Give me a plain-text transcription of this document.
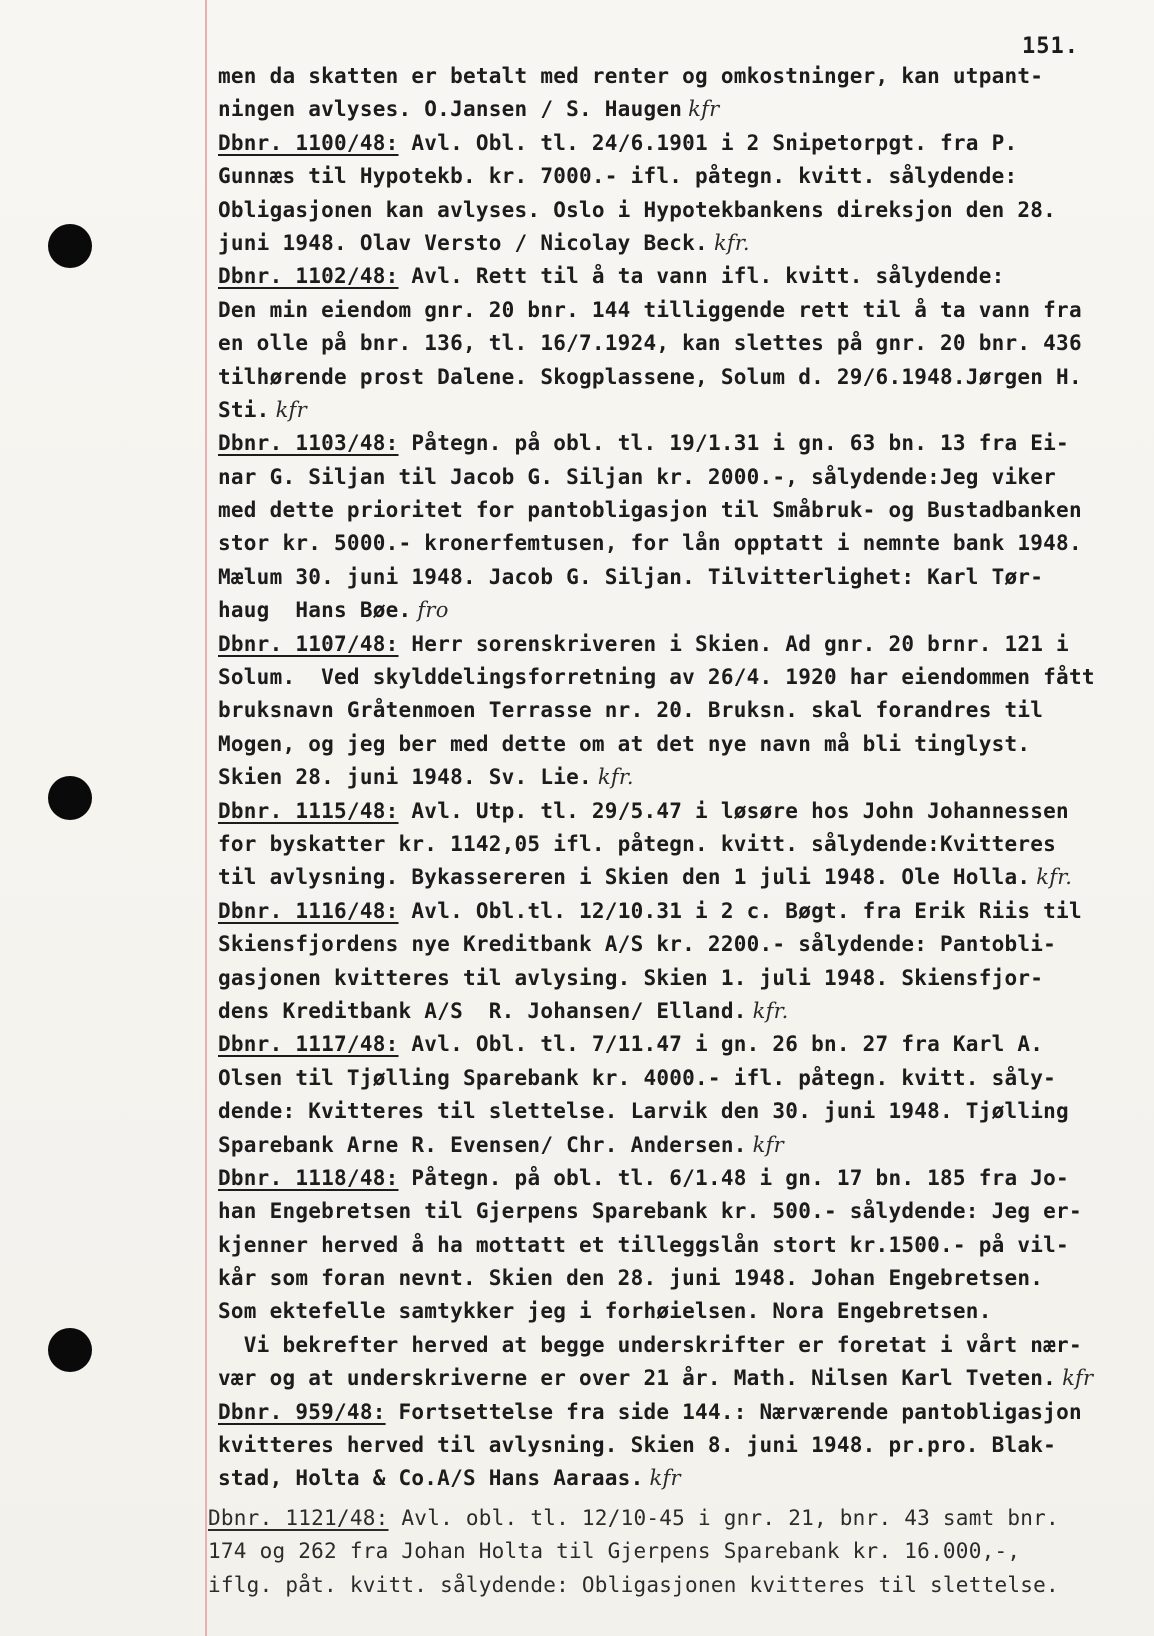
151.
men da skatten er betalt med renter og omkostninger, kan utpant-
ningen avlyses. O.Jansen / S. Haugen kfr
Dbnr. 1100/48: Avl. Obl. tl. 24/6.1901 i 2 Snipetorpgt. fra P.
Gunnæs til Hypotekb. kr. 7000.- ifl. påtegn. kvitt. sålydende:
Obligasjonen kan avlyses. Oslo i Hypotekbankens direksjon den 28.
juni 1948. Olav Versto / Nicolay Beck. kfr.
Dbnr. 1102/48: Avl. Rett til å ta vann ifl. kvitt. sålydende:
Den min eiendom gnr. 20 bnr. 144 tilliggende rett til å ta vann fra
en olle på bnr. 136, tl. 16/7.1924, kan slettes på gnr. 20 bnr. 436
tilhørende prost Dalene. Skogplassene, Solum d. 29/6.1948.Jørgen H.
Sti. kfr
Dbnr. 1103/48: Påtegn. på obl. tl. 19/1.31 i gn. 63 bn. 13 fra Ei-
nar G. Siljan til Jacob G. Siljan kr. 2000.-, sålydende:Jeg viker
med dette prioritet for pantobligasjon til Småbruk- og Bustadbanken
stor kr. 5000.- kronerfemtusen, for lån opptatt i nemnte bank 1948.
Mælum 30. juni 1948. Jacob G. Siljan. Tilvitterlighet: Karl Tør-
haug  Hans Bøe. fro
Dbnr. 1107/48: Herr sorenskriveren i Skien. Ad gnr. 20 brnr. 121 i
Solum.  Ved skylddelingsforretning av 26/4. 1920 har eiendommen fått
bruksnavn Gråtenmoen Terrasse nr. 20. Bruksn. skal forandres til
Mogen, og jeg ber med dette om at det nye navn må bli tinglyst.
Skien 28. juni 1948. Sv. Lie. kfr.
Dbnr. 1115/48: Avl. Utp. tl. 29/5.47 i løsøre hos John Johannessen
for byskatter kr. 1142,05 ifl. påtegn. kvitt. sålydende:Kvitteres
til avlysning. Bykassereren i Skien den 1 juli 1948. Ole Holla. kfr.
Dbnr. 1116/48: Avl. Obl.tl. 12/10.31 i 2 c. Bøgt. fra Erik Riis til
Skiensfjordens nye Kreditbank A/S kr. 2200.- sålydende: Pantobli-
gasjonen kvitteres til avlysing. Skien 1. juli 1948. Skiensfjor-
dens Kreditbank A/S  R. Johansen/ Elland. kfr.
Dbnr. 1117/48: Avl. Obl. tl. 7/11.47 i gn. 26 bn. 27 fra Karl A.
Olsen til Tjølling Sparebank kr. 4000.- ifl. påtegn. kvitt. såly-
dende: Kvitteres til slettelse. Larvik den 30. juni 1948. Tjølling
Sparebank Arne R. Evensen/ Chr. Andersen. kfr
Dbnr. 1118/48: Påtegn. på obl. tl. 6/1.48 i gn. 17 bn. 185 fra Jo-
han Engebretsen til Gjerpens Sparebank kr. 500.- sålydende: Jeg er-
kjenner herved å ha mottatt et tilleggslån stort kr.1500.- på vil-
kår som foran nevnt. Skien den 28. juni 1948. Johan Engebretsen.
Som ektefelle samtykker jeg i forhøielsen. Nora Engebretsen.
Vi bekrefter herved at begge underskrifter er foretat i vårt nær-
vær og at underskriverne er over 21 år. Math. Nilsen Karl Tveten. kfr
Dbnr. 959/48: Fortsettelse fra side 144.: Nærværende pantobligasjon
kvitteres herved til avlysning. Skien 8. juni 1948. pr.pro. Blak-
stad, Holta & Co.A/S Hans Aaraas. kfr
Dbnr. 1121/48: Avl. obl. tl. 12/10-45 i gnr. 21, bnr. 43 samt bnr.
174 og 262 fra Johan Holta til Gjerpens Sparebank kr. 16.000,-,
iflg. påt. kvitt. sålydende: Obligasjonen kvitteres til slettelse.
